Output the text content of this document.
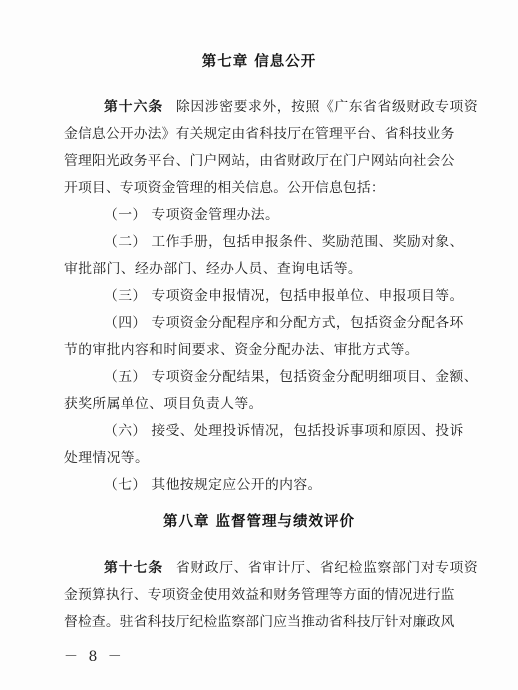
第七章 信息公开
第十六条 除因涉密要求外，按照《广东省省级财政专项资
金信息公开办法》有关规定由省科技厅在管理平台、省科技业务
管理阳光政务平台、门户网站，由省财政厅在门户网站向社会公
开项目、专项资金管理的相关信息。公开信息包括：
（一） 专项资金管理办法。
（二） 工作手册，包括申报条件、奖励范围、奖励对象、
审批部门、经办部门、经办人员、查询电话等。
（三） 专项资金申报情况，包括申报单位、申报项目等。
（四） 专项资金分配程序和分配方式，包括资金分配各环
节的审批内容和时间要求、资金分配办法、审批方式等。
（五） 专项资金分配结果，包括资金分配明细项目、金额、
获奖所属单位、项目负责人等。
（六） 接受、处理投诉情况，包括投诉事项和原因、投诉
处理情况等。
（七） 其他按规定应公开的内容。
第八章 监督管理与绩效评价
第十七条 省财政厅、省审计厅、省纪检监察部门对专项资
金预算执行、专项资金使用效益和财务管理等方面的情况进行监
督检查。驻省科技厅纪检监察部门应当推动省科技厅针对廉政风
－ 8 －
